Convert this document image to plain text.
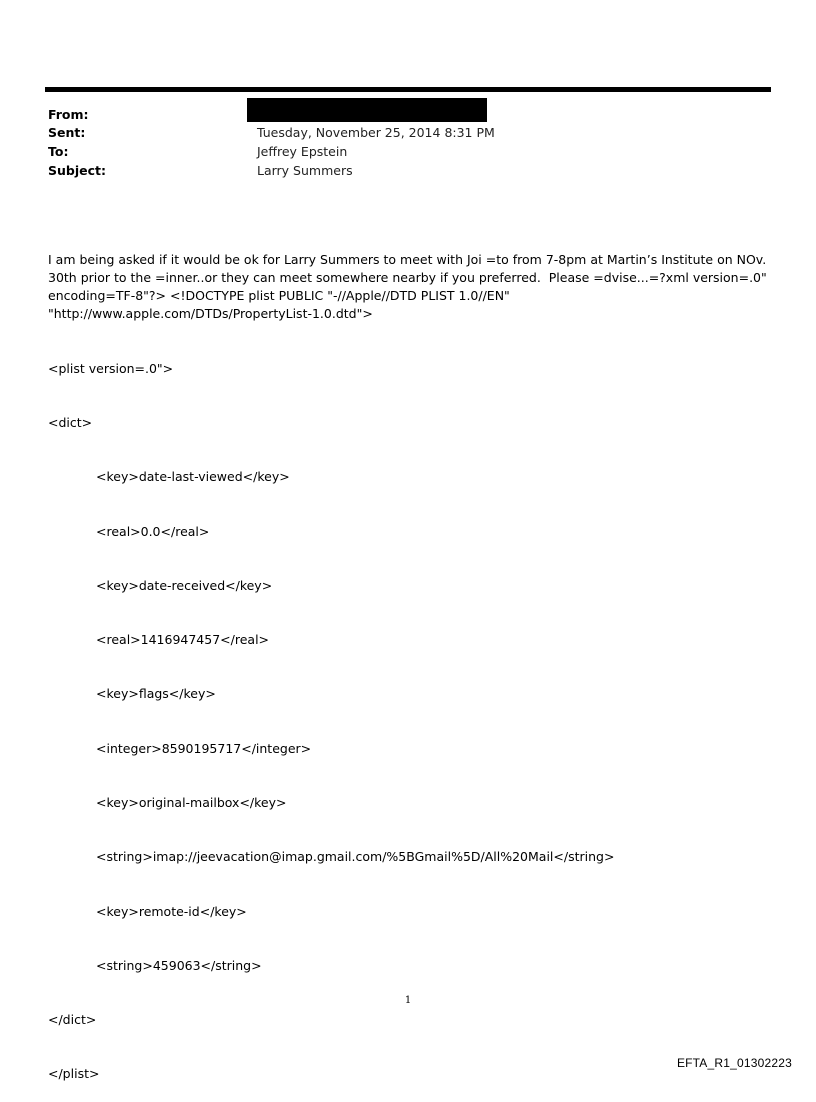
From:
Sent:	Tuesday, November 25, 2014 8:31 PM
To:	Jeffrey Epstein
Subject:	Larry Summers

I am being asked if it would be ok for Larry Summers to meet with Joi =to from 7-8pm at Martin’s Institute on NOv. 30th prior to the =inner..or they can meet somewhere nearby if you preferred.  Please =dvise...=?xml version=.0" encoding=TF-8"?> <!DOCTYPE plist PUBLIC "-//Apple//DTD PLIST 1.0//EN" "http://www.apple.com/DTDs/PropertyList-1.0.dtd">

<plist version=.0">

<dict>

<key>date-last-viewed</key>

<real>0.0</real>

<key>date-received</key>

<real>1416947457</real>

<key>flags</key>

<integer>8590195717</integer>

<key>original-mailbox</key>

<string>imap://jeevacation@imap.gmail.com/%5BGmail%5D/All%20Mail</string>

<key>remote-id</key>

<string>459063</string>

</dict>

</plist>

1
EFTA_R1_01302223
